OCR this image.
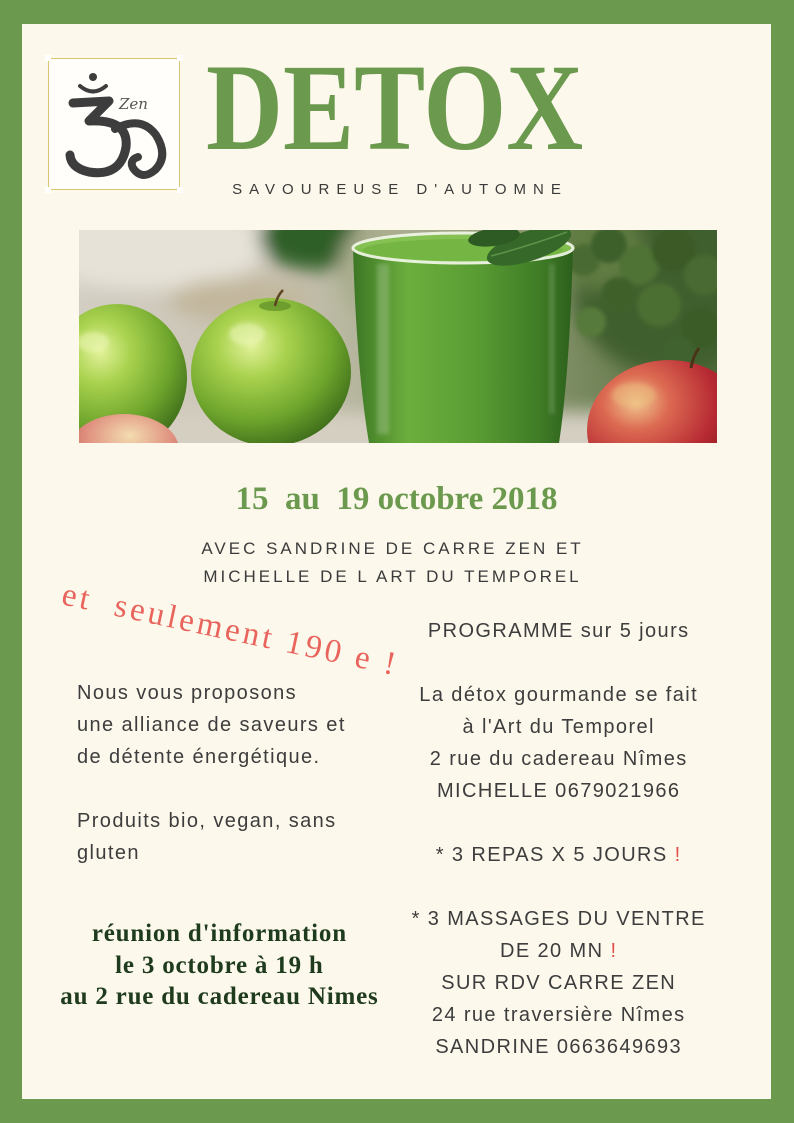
Zen DETOX
SAVOUREUSE D'AUTOMNE
15  au  19 octobre 2018
AVEC SANDRINE DE CARRE ZEN ET
MICHELLE DE L ART DU TEMPOREL
et  seulement 190 e !
Nous vous proposons
une alliance de saveurs et
de détente énergétique.
Produits bio, vegan, sans
gluten
réunion d'information
le 3 octobre à 19 h
au 2 rue du cadereau Nimes
PROGRAMME sur 5 jours
La détox gourmande se fait
à l'Art du Temporel
2 rue du cadereau Nîmes
MICHELLE 0679021966
* 3 REPAS X 5 JOURS !
* 3 MASSAGES DU VENTRE
DE 20 MN !
SUR RDV CARRE ZEN
24 rue traversière Nîmes
SANDRINE 0663649693
